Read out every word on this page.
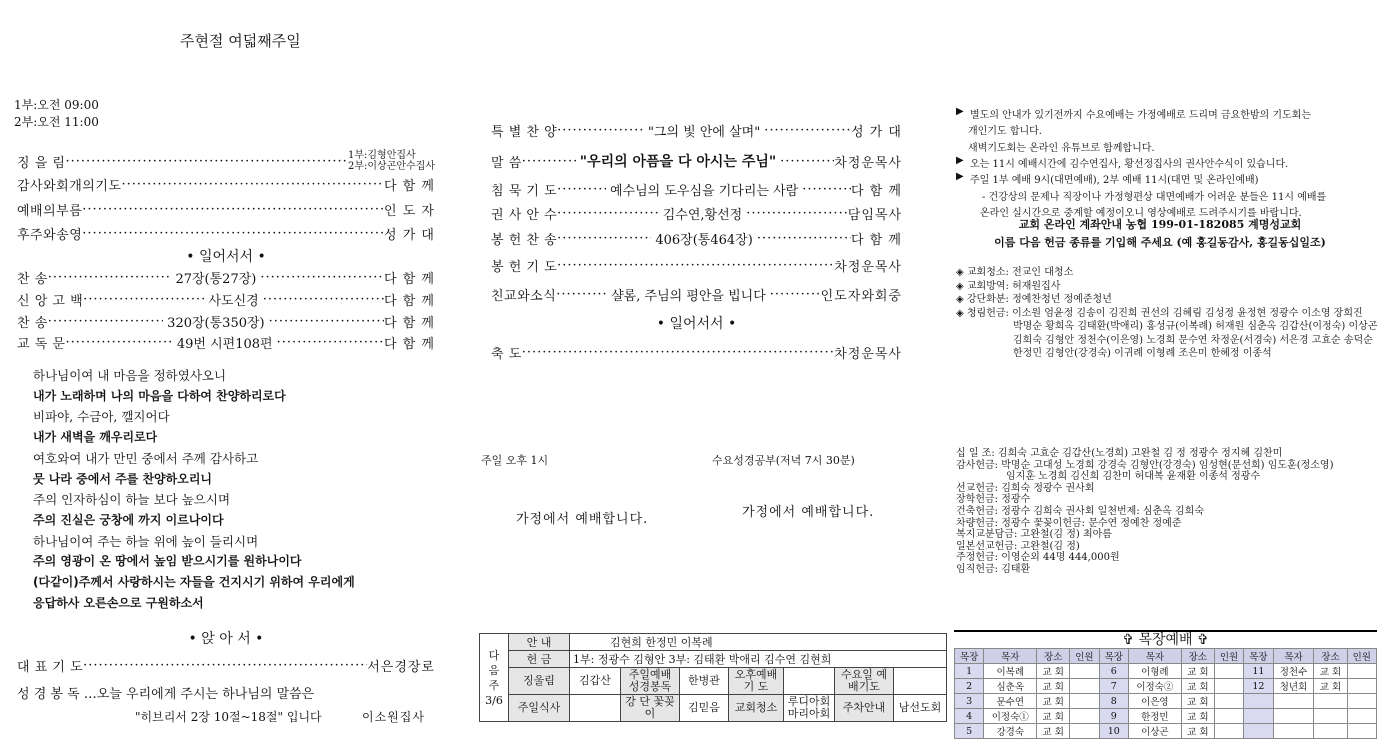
주현절 여덟째주일
1부:오전 09:00
2부:오전 11:00
징 을 림 ·····	1부:김형안집사
2부:이상곤안수집사
감사와회개의기도 ·····	다 함 께
예배의부름 ·····	인 도 자
후주와송영 ·····	성 가 대
• 일어서서 •
찬 송 ·····	27장(통27장) ·····	다 함 께
신 앙 고 백 ·····	사도신경 ·····	다 함 께
찬 송 ·····	320장(통350장) ·····	다 함 께
교 독 문 ·····	49번 시편108편 ·····	다 함 께
하나님이여 내 마음을 정하였사오니
내가 노래하며 나의 마음을 다하여 찬양하리로다
비파야, 수금아, 깰지어다
내가 새벽을 깨우리로다
여호와여 내가 만민 중에서 주께 감사하고
뭇 나라 중에서 주를 찬양하오리니
주의 인자하심이 하늘 보다 높으시며
주의 진실은 궁창에 까지 이르나이다
하나님이여 주는 하늘 위에 높이 들리시며
주의 영광이 온 땅에서 높임 받으시기를 원하나이다
(다같이)주께서 사랑하시는 자들을 건지시기 위하여 우리에게
응답하사 오른손으로 구원하소서
• 앉 아 서 •
대 표 기 도 ·····	서은경장로
성 경 봉 독 …오늘 우리에게 주시는 하나님의 말씀은
"히브리서 2장 10절~18절" 입니다	이소원집사
특 별 찬 양 ·····	"그의 빛 안에 살며" ·····	성 가 대
말 씀 ·····	"우리의 아픔을 다 아시는 주님" ·····	차정운목사
침 묵 기 도 ·····	예수님의 도우심을 기다리는 사람 ·····	다 함 께
권 사 안 수 ·····	김수연,황선정 ·····	담임목사
봉 헌 찬 송 ·····	406장(통464장) ·····	다 함 께
봉 헌 기 도 ·····	차정운목사
친교와소식 ·····	샬롬, 주님의 평안을 빕니다 ·····	인도자와회중
• 일어서서 •
축 도 ·····	차정운목사
주일 오후 1시
가정에서 예배합니다.
수요성경공부(저녁 7시 30분)
가정에서 예배합니다.
다
음
주
3/6	안 내	김현희 한정민 이복례						
	헌 금	1부: 정광수 김형안 3부: 김태환 박애리 김수연 김현희						
	징울림	김갑산	주일예배 성경봉독	한병관	오후예배 기 도		수요일 예배기도	
	주일식사		강 단 꽃꽂이	김믿음	교회청소	루디아회 마리아회	주차안내	남선도회
▶ 별도의 안내가 있기전까지 수요예배는 가정예배로 드리며 금요한밤의 기도회는
개인기도 합니다.
새벽기도회는 온라인 유튜브로 함께합니다.
▶ 오는 11시 예배시간에 김수연집사, 황선정집사의 권사안수식이 있습니다.
▶ 주일 1부 예배 9시(대면예배), 2부 예배 11시(대면 및 온라인예배)
- 건강상의 문제나 직장이나 가정형편상 대면예배가 어려운 분들은 11시 예배를
온라인 실시간으로 중계할 예정이오니 영상예배로 드려주시기를 바랍니다.
교회 온라인 계좌안내 농협 199-01-182085 계명성교회
이름 다음 헌금 종류를 기입해 주세요 (예 홍길동감사, 홍길동십일조)
◈ 교회청소: 전교인 대청소
◈ 교회방역: 허재원집사
◈ 강단화분: 정예찬청년 정예준청년
◈ 청림헌금: 이소원 엄윤정 김송이 김진희 권선의 김혜림 김성정 윤정현 정광수 이소영 장희진
박명순 황희옥 김태환(박애리) 홍성규(이복례) 허재원 심춘옥 김갑산(이정숙) 이상곤
김희숙 김형안 정천수(이은영) 노경희 문수연 차정운(서경숙) 서은경 고효순 송덕순
한정민 김형안(강경숙) 이귀례 이형례 조은미 한혜정 이종석
십 일 조: 김희숙 고효순 김갑산(노경희) 고완철 김 정 정광수 정지혜 김찬미
감사헌금: 박명순 고대성 노경희 강경숙 김형안(강경숙) 임성현(문선희) 임도훈(정소영)
임지훈 노경희 김신희 김찬미 허대복 윤재환 이종석 정광수
선교헌금: 김희숙 정광수 권사회
장학헌금: 정광수
건축헌금: 정광수 김희숙 권사회 일천번제: 심춘옥 김희숙
차량헌금: 정광수 꽃꽂이헌금: 문수연 정예찬 정예준
복지교분담금: 고완철(김 정) 최아름
일본선교헌금: 고완철(김 정)
주정헌금: 이영순외 44명 444,000원
임직헌금: 김태환
✞ 목장예배 ✞
목장	목자	장소	인원	목장	목자	장소	인원	목장	목자	장소	인원
1	이복례	교 회		6	이형례	교 회		11	정천수	교 회	
2	심춘옥	교 회		7	이정숙②	교 회		12	청년회	교 회	
3	문수연	교 회		8	이은영	교 회					
4	이정숙①	교 회		9	한정민	교 회					
5	강경숙	교 회		10	이상곤	교 회					
